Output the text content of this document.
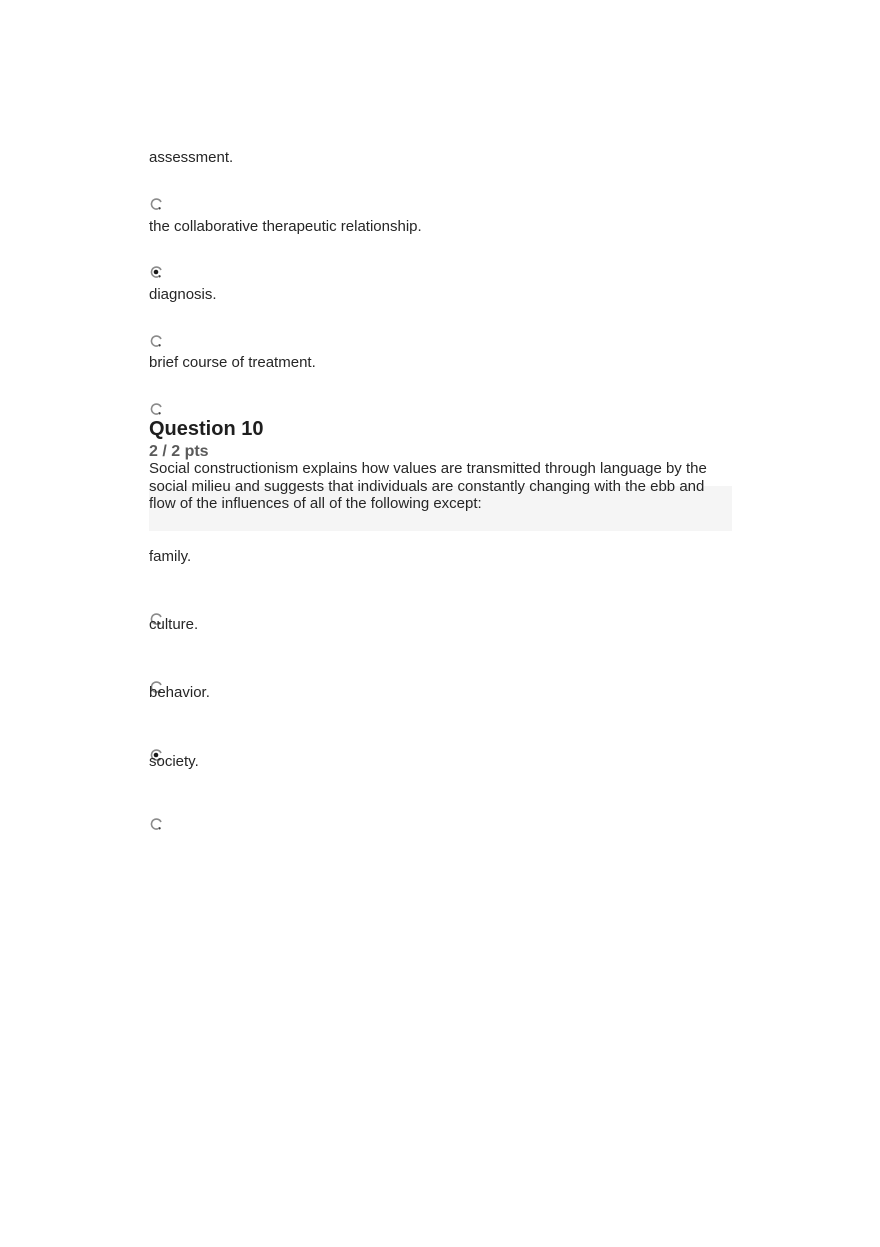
assessment.
the collaborative therapeutic relationship.
diagnosis.
brief course of treatment.
Question 10
2 / 2 pts
Social constructionism explains how values are transmitted through language by the social milieu and suggests that individuals are constantly changing with the ebb and flow of the influences of all of the following except:
family.
culture.
behavior.
society.
